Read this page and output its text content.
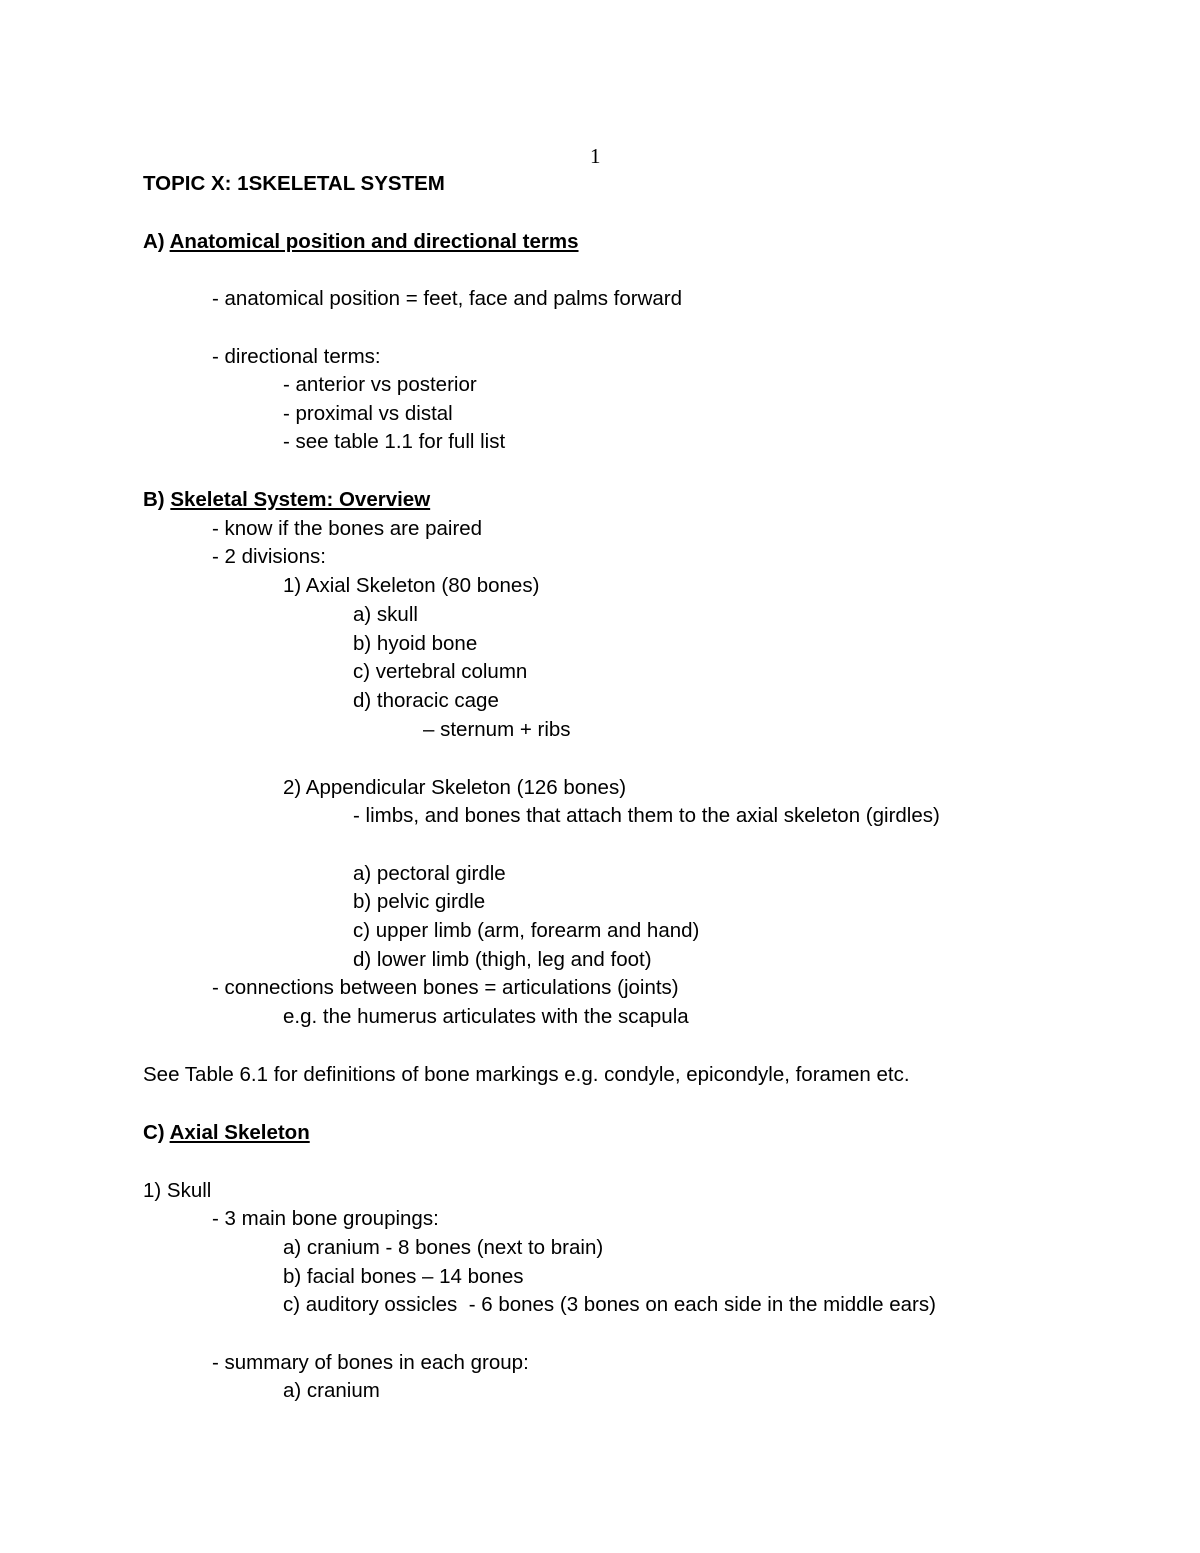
1
TOPIC X: 1SKELETAL SYSTEM
A) Anatomical position and directional terms
- anatomical position = feet, face and palms forward
- directional terms:
- anterior vs posterior
- proximal vs distal
- see table 1.1 for full list
B) Skeletal System: Overview
- know if the bones are paired
- 2 divisions:
1) Axial Skeleton (80 bones)
a) skull
b) hyoid bone
c) vertebral column
d) thoracic cage
– sternum + ribs
2) Appendicular Skeleton (126 bones)
- limbs, and bones that attach them to the axial skeleton (girdles)
a) pectoral girdle
b) pelvic girdle
c) upper limb (arm, forearm and hand)
d) lower limb (thigh, leg and foot)
- connections between bones = articulations (joints)
e.g. the humerus articulates with the scapula
See Table 6.1 for definitions of bone markings e.g. condyle, epicondyle, foramen etc.
C) Axial Skeleton
1) Skull
- 3 main bone groupings:
a) cranium - 8 bones (next to brain)
b) facial bones – 14 bones
c) auditory ossicles  - 6 bones (3 bones on each side in the middle ears)
- summary of bones in each group:
a) cranium
